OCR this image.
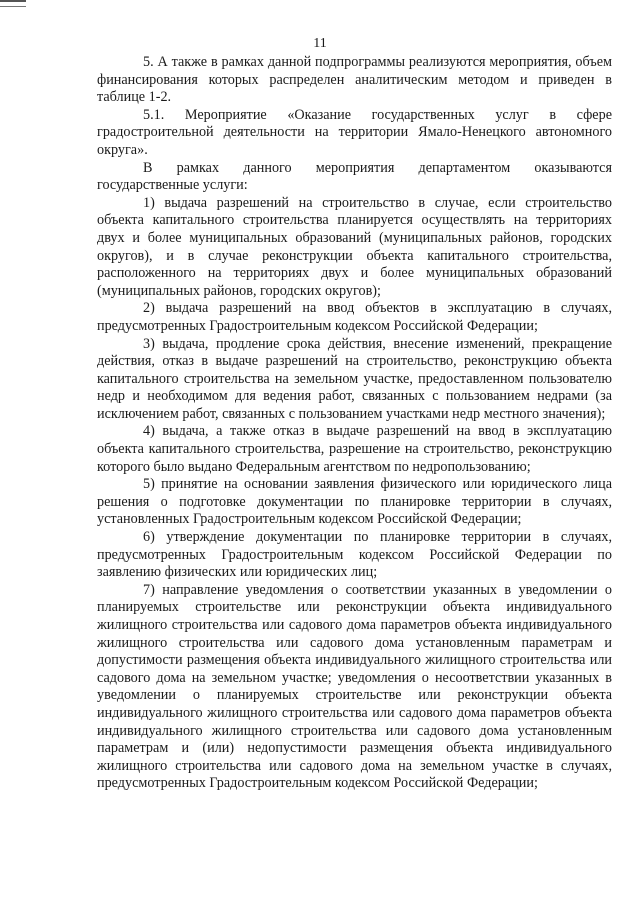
11

5. А также в рамках данной подпрограммы реализуются мероприятия, объем финансирования которых распределен аналитическим методом и приведен в таблице 1-2.

5.1. Мероприятие «Оказание государственных услуг в сфере градостроительной деятельности на территории Ямало-Ненецкого автономного округа».

В рамках данного мероприятия департаментом оказываются государственные услуги:

1) выдача разрешений на строительство в случае, если строительство объекта капитального строительства планируется осуществлять на территориях двух и более муниципальных образований (муниципальных районов, городских округов), и в случае реконструкции объекта капитального строительства, расположенного на территориях двух и более муниципальных образований (муниципальных районов, городских округов);

2) выдача разрешений на ввод объектов в эксплуатацию в случаях, предусмотренных Градостроительным кодексом Российской Федерации;

3) выдача, продление срока действия, внесение изменений, прекращение действия, отказ в выдаче разрешений на строительство, реконструкцию объекта капитального строительства на земельном участке, предоставленном пользователю недр и необходимом для ведения работ, связанных с пользованием недрами (за исключением работ, связанных с пользованием участками недр местного значения);

4) выдача, а также отказ в выдаче разрешений на ввод в эксплуатацию объекта капитального строительства, разрешение на строительство, реконструкцию которого было выдано Федеральным агентством по недропользованию;

5) принятие на основании заявления физического или юридического лица решения о подготовке документации по планировке территории в случаях, установленных Градостроительным кодексом Российской Федерации;

6) утверждение документации по планировке территории в случаях, предусмотренных Градостроительным кодексом Российской Федерации по заявлению физических или юридических лиц;

7) направление уведомления о соответствии указанных в уведомлении о планируемых строительстве или реконструкции объекта индивидуального жилищного строительства или садового дома параметров объекта индивидуального жилищного строительства или садового дома установленным параметрам и допустимости размещения объекта индивидуального жилищного строительства или садового дома на земельном участке; уведомления о несоответствии указанных в уведомлении о планируемых строительстве или реконструкции объекта индивидуального жилищного строительства или садового дома параметров объекта индивидуального жилищного строительства или садового дома установленным параметрам и (или) недопустимости размещения объекта индивидуального жилищного строительства или садового дома на земельном участке в случаях, предусмотренных Градостроительным кодексом Российской Федерации;
